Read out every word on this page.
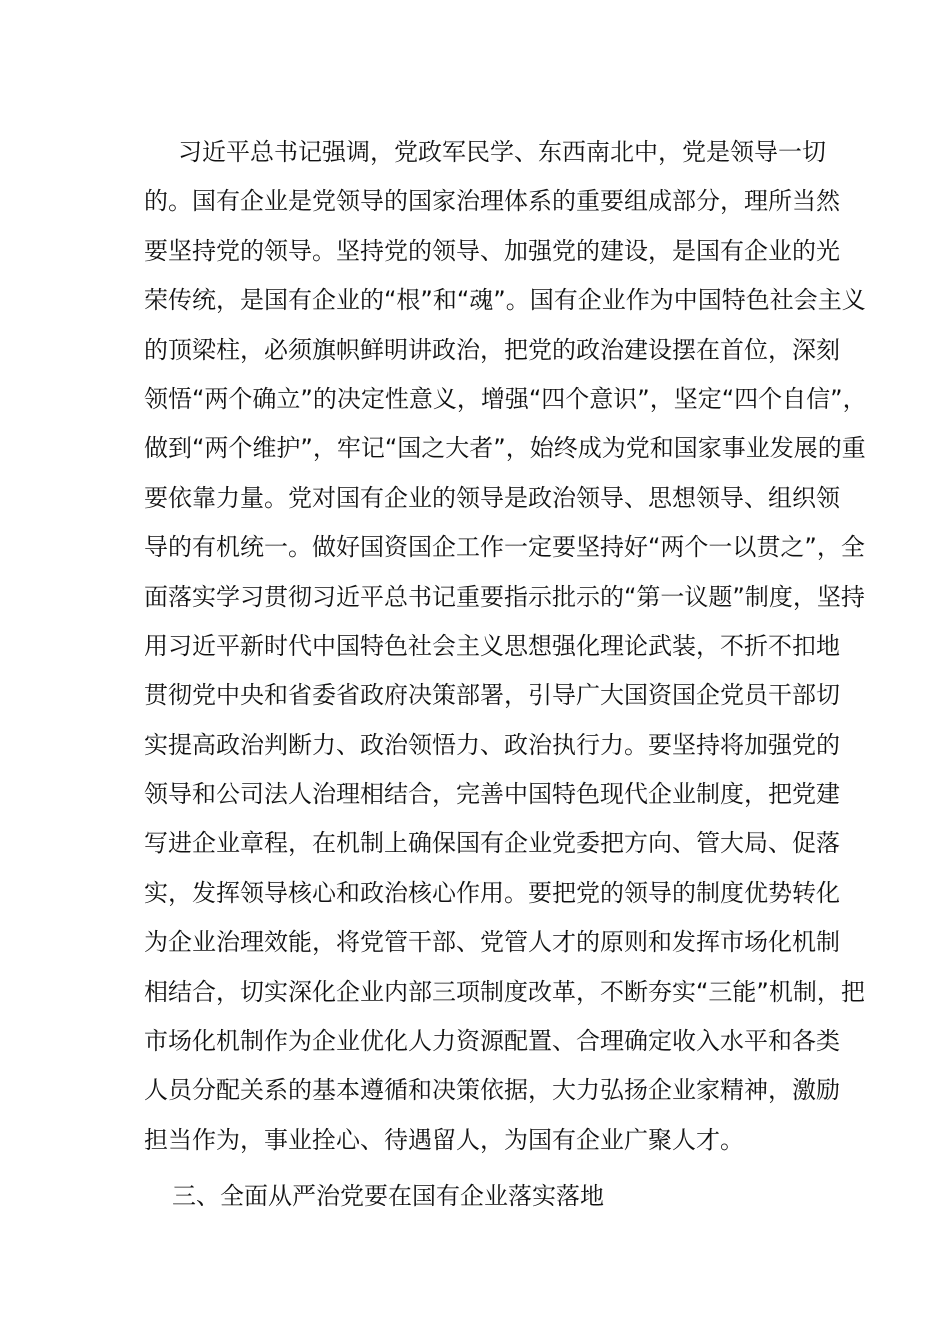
习近平总书记强调，党政军民学、东西南北中，党是领导一切
的。国有企业是党领导的国家治理体系的重要组成部分，理所当然
要坚持党的领导。坚持党的领导、加强党的建设，是国有企业的光
荣传统，是国有企业的“根”和“魂”。国有企业作为中国特色社会主义
的顶梁柱，必须旗帜鲜明讲政治，把党的政治建设摆在首位，深刻
领悟“两个确立”的决定性意义，增强“四个意识”，坚定“四个自信”，
做到“两个维护”，牢记“国之大者”，始终成为党和国家事业发展的重
要依靠力量。党对国有企业的领导是政治领导、思想领导、组织领
导的有机统一。做好国资国企工作一定要坚持好“两个一以贯之”，全
面落实学习贯彻习近平总书记重要指示批示的“第一议题”制度，坚持
用习近平新时代中国特色社会主义思想强化理论武装，不折不扣地
贯彻党中央和省委省政府决策部署，引导广大国资国企党员干部切
实提高政治判断力、政治领悟力、政治执行力。要坚持将加强党的
领导和公司法人治理相结合，完善中国特色现代企业制度，把党建
写进企业章程，在机制上确保国有企业党委把方向、管大局、促落
实，发挥领导核心和政治核心作用。要把党的领导的制度优势转化
为企业治理效能，将党管干部、党管人才的原则和发挥市场化机制
相结合，切实深化企业内部三项制度改革，不断夯实“三能”机制，把
市场化机制作为企业优化人力资源配置、合理确定收入水平和各类
人员分配关系的基本遵循和决策依据，大力弘扬企业家精神，激励
担当作为，事业拴心、待遇留人，为国有企业广聚人才。
三、全面从严治党要在国有企业落实落地
